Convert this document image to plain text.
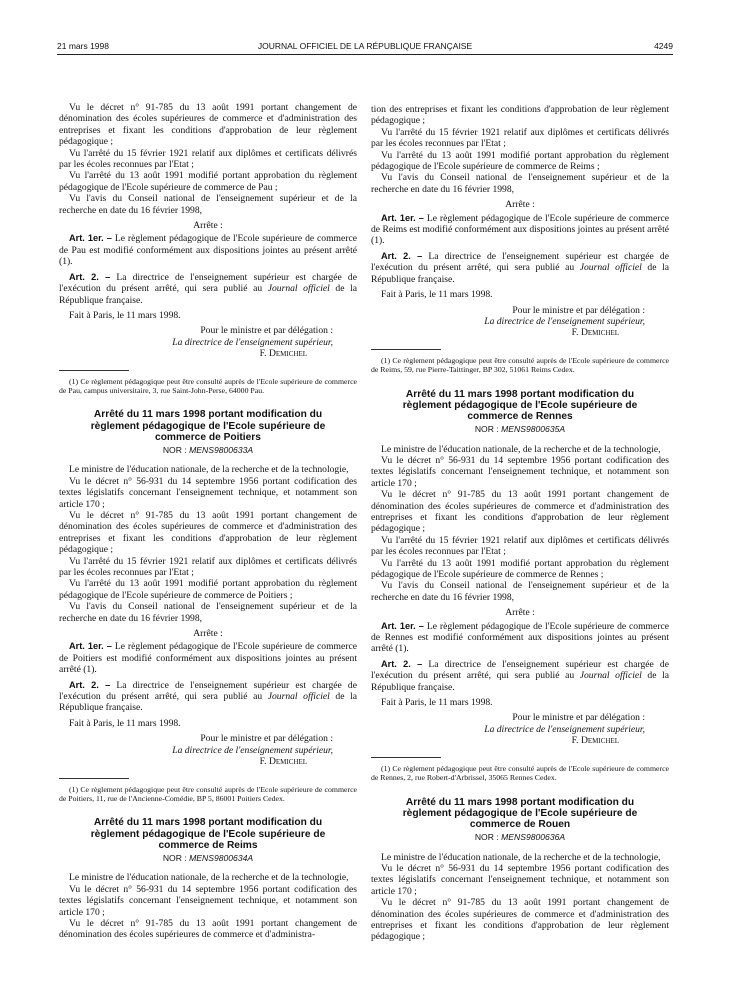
21 mars 1998	JOURNAL OFFICIEL DE LA RÉPUBLIQUE FRANÇAISE	4249

Vu le décret n° 91-785 du 13 août 1991 portant changement de dénomination des écoles supérieures de commerce et d'administration des entreprises et fixant les conditions d'approbation de leur règlement pédagogique ;

Vu l'arrêté du 15 février 1921 relatif aux diplômes et certificats délivrés par les écoles reconnues par l'Etat ;

Vu l'arrêté du 13 août 1991 modifié portant approbation du règlement pédagogique de l'Ecole supérieure de commerce de Pau ;

Vu l'avis du Conseil national de l'enseignement supérieur et de la recherche en date du 16 février 1998,

Arrête :

Art. 1er. – Le règlement pédagogique de l'Ecole supérieure de commerce de Pau est modifié conformément aux dispositions jointes au présent arrêté (1).

Art. 2. – La directrice de l'enseignement supérieur est chargée de l'exécution du présent arrêté, qui sera publié au Journal officiel de la République française.

Fait à Paris, le 11 mars 1998.

Pour le ministre et par délégation :

La directrice de l'enseignement supérieur,

F. Demichel

(1) Ce règlement pédagogique peut être consulté auprès de l'Ecole supérieure de commerce de Pau, campus universitaire, 3, rue Saint-John-Perse, 64000 Pau.

Arrêté du 11 mars 1998 portant modification du règlement pédagogique de l'Ecole supérieure de commerce de Poitiers
NOR : MENS9800633A

Le ministre de l'éducation nationale, de la recherche et de la technologie,

Vu le décret n° 56-931 du 14 septembre 1956 portant codification des textes législatifs concernant l'enseignement technique, et notamment son article 170 ;

Vu le décret n° 91-785 du 13 août 1991 portant changement de dénomination des écoles supérieures de commerce et d'administration des entreprises et fixant les conditions d'approbation de leur règlement pédagogique ;

Vu l'arrêté du 15 février 1921 relatif aux diplômes et certificats délivrés par les écoles reconnues par l'Etat ;

Vu l'arrêté du 13 août 1991 modifié portant approbation du règlement pédagogique de l'Ecole supérieure de commerce de Poitiers ;

Vu l'avis du Conseil national de l'enseignement supérieur et de la recherche en date du 16 février 1998,

Arrête :

Art. 1er. – Le règlement pédagogique de l'Ecole supérieure de commerce de Poitiers est modifié conformément aux dispositions jointes au présent arrêté (1).

Art. 2. – La directrice de l'enseignement supérieur est chargée de l'exécution du présent arrêté, qui sera publié au Journal officiel de la République française.

Fait à Paris, le 11 mars 1998.

Pour le ministre et par délégation :

La directrice de l'enseignement supérieur,

F. Demichel

(1) Ce règlement pédagogique peut être consulté auprès de l'Ecole supérieure de commerce de Poitiers, 11, rue de l'Ancienne-Comédie, BP 5, 86001 Poitiers Cedex.

Arrêté du 11 mars 1998 portant modification du règlement pédagogique de l'Ecole supérieure de commerce de Reims
NOR : MENS9800634A

Le ministre de l'éducation nationale, de la recherche et de la technologie,

Vu le décret n° 56-931 du 14 septembre 1956 portant codification des textes législatifs concernant l'enseignement technique, et notamment son article 170 ;

Vu le décret n° 91-785 du 13 août 1991 portant changement de dénomination des écoles supérieures de commerce et d'administra-

tion des entreprises et fixant les conditions d'approbation de leur règlement pédagogique ;

Vu l'arrêté du 15 février 1921 relatif aux diplômes et certificats délivrés par les écoles reconnues par l'Etat ;

Vu l'arrêté du 13 août 1991 modifié portant approbation du règlement pédagogique de l'Ecole supérieure de commerce de Reims ;

Vu l'avis du Conseil national de l'enseignement supérieur et de la recherche en date du 16 février 1998,

Arrête :

Art. 1er. – Le règlement pédagogique de l'Ecole supérieure de commerce de Reims est modifié conformément aux dispositions jointes au présent arrêté (1).

Art. 2. – La directrice de l'enseignement supérieur est chargée de l'exécution du présent arrêté, qui sera publié au Journal officiel de la République française.

Fait à Paris, le 11 mars 1998.

Pour le ministre et par délégation :

La directrice de l'enseignement supérieur,

F. Demichel

(1) Ce règlement pédagogique peut être consulté auprès de l'Ecole supérieure de commerce de Reims, 59, rue Pierre-Taittinger, BP 302, 51061 Reims Cedex.

Arrêté du 11 mars 1998 portant modification du règlement pédagogique de l'Ecole supérieure de commerce de Rennes
NOR : MENS9800635A

Le ministre de l'éducation nationale, de la recherche et de la technologie,

Vu le décret n° 56-931 du 14 septembre 1956 portant codification des textes législatifs concernant l'enseignement technique, et notamment son article 170 ;

Vu le décret n° 91-785 du 13 août 1991 portant changement de dénomination des écoles supérieures de commerce et d'administration des entreprises et fixant les conditions d'approbation de leur règlement pédagogique ;

Vu l'arrêté du 15 février 1921 relatif aux diplômes et certificats délivrés par les écoles reconnues par l'Etat ;

Vu l'arrêté du 13 août 1991 modifié portant approbation du règlement pédagogique de l'Ecole supérieure de commerce de Rennes ;

Vu l'avis du Conseil national de l'enseignement supérieur et de la recherche en date du 16 février 1998,

Arrête :

Art. 1er. – Le règlement pédagogique de l'Ecole supérieure de commerce de Rennes est modifié conformément aux dispositions jointes au présent arrêté (1).

Art. 2. – La directrice de l'enseignement supérieur est chargée de l'exécution du présent arrêté, qui sera publié au Journal officiel de la République française.

Fait à Paris, le 11 mars 1998.

Pour le ministre et par délégation :

La directrice de l'enseignement supérieur,

F. Demichel

(1) Ce règlement pédagogique peut être consulté auprès de l'Ecole supérieure de commerce de Rennes, 2, rue Robert-d'Arbrissel, 35065 Rennes Cedex.

Arrêté du 11 mars 1998 portant modification du règlement pédagogique de l'Ecole supérieure de commerce de Rouen
NOR : MENS9800636A

Le ministre de l'éducation nationale, de la recherche et de la technologie,

Vu le décret n° 56-931 du 14 septembre 1956 portant codification des textes législatifs concernant l'enseignement technique, et notamment son article 170 ;

Vu le décret n° 91-785 du 13 août 1991 portant changement de dénomination des écoles supérieures de commerce et d'administration des entreprises et fixant les conditions d'approbation de leur règlement pédagogique ;
